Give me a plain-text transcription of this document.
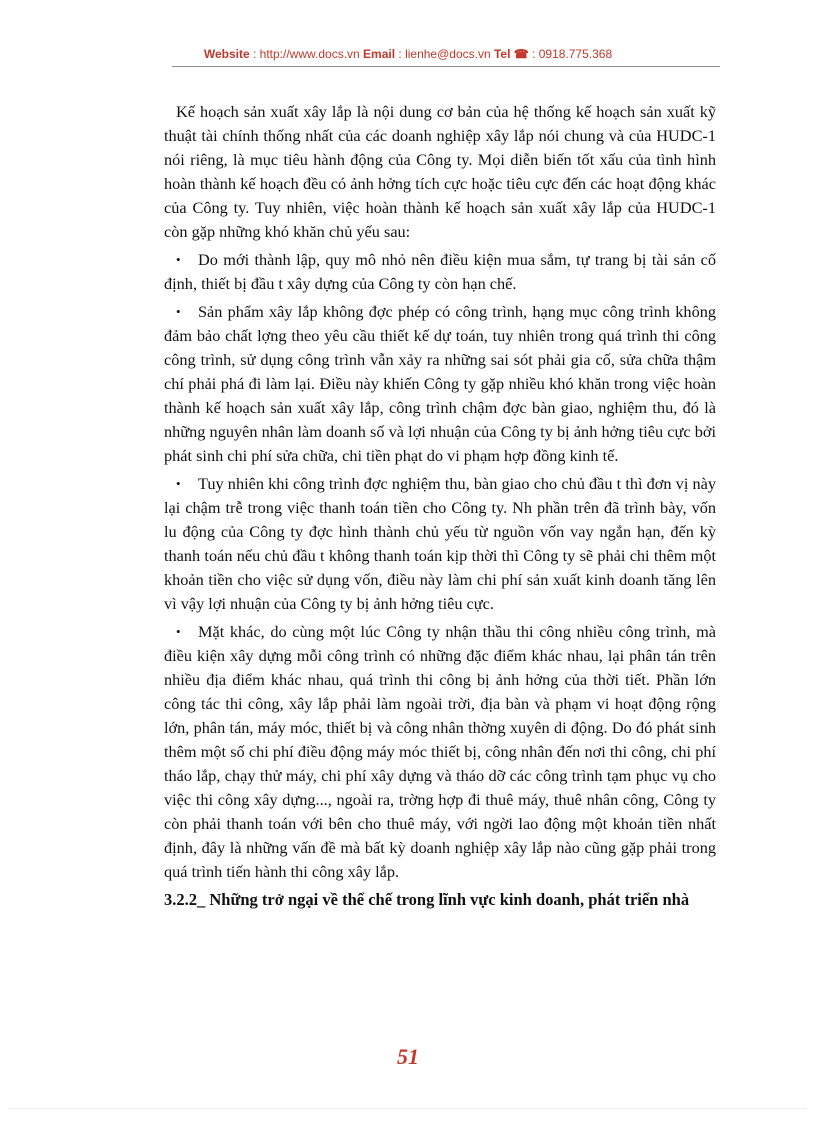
Website : http://www.docs.vn Email : lienhe@docs.vn Tel ☎ : 0918.775.368

Kế hoạch sản xuất xây lắp là nội dung cơ bản của hệ thống kế hoạch sản xuất kỹ thuật tài chính thống nhất của các doanh nghiệp xây lắp nói chung và của HUDC-1 nói riêng, là mục tiêu hành động của Công ty. Mọi diễn biến tốt xấu của tình hình hoàn thành kế hoạch đều có ảnh hởng tích cực hoặc tiêu cực đến các hoạt động khác của Công ty. Tuy nhiên, việc hoàn thành kế hoạch sản xuất xây lắp của HUDC-1 còn gặp những khó khăn chủ yếu sau:

• Do mới thành lập, quy mô nhỏ nên điều kiện mua sắm, tự trang bị tài sản cố định, thiết bị đầu t xây dựng của Công ty còn hạn chế.

• Sản phẩm xây lắp không đợc phép có công trình, hạng mục công trình không đảm bảo chất lợng theo yêu cầu thiết kế dự toán, tuy nhiên trong quá trình thi công công trình, sử dụng công trình vẫn xảy ra những sai sót phải gia cố, sửa chữa thậm chí phải phá đi làm lại. Điều này khiến Công ty gặp nhiều khó khăn trong việc hoàn thành kế hoạch sản xuất xây lắp, công trình chậm đợc bàn giao, nghiệm thu, đó là những nguyên nhân làm doanh số và lợi nhuận của Công ty bị ảnh hởng tiêu cực bởi phát sinh chi phí sửa chữa, chi tiền phạt do vi phạm hợp đồng kinh tế.

• Tuy nhiên khi công trình đợc nghiệm thu, bàn giao cho chủ đầu t thì đơn vị này lại chậm trễ trong việc thanh toán tiền cho Công ty. Nh phần trên đã trình bày, vốn lu động của Công ty đợc hình thành chủ yếu từ nguồn vốn vay ngắn hạn, đến kỳ thanh toán nếu chủ đầu t không thanh toán kịp thời thì Công ty sẽ phải chi thêm một khoản tiền cho việc sử dụng vốn, điều này làm chi phí sản xuất kinh doanh tăng lên vì vậy lợi nhuận của Công ty bị ảnh hởng tiêu cực.

• Mặt khác, do cùng một lúc Công ty nhận thầu thi công nhiều công trình, mà điều kiện xây dựng mỗi công trình có những đặc điểm khác nhau, lại phân tán trên nhiều địa điểm khác nhau, quá trình thi công bị ảnh hởng của thời tiết. Phần lớn công tác thi công, xây lắp phải làm ngoài trời, địa bàn và phạm vi hoạt động rộng lớn, phân tán, máy móc, thiết bị và công nhân thờng xuyên di động. Do đó phát sinh thêm một số chi phí điều động máy móc thiết bị, công nhân đến nơi thi công, chi phí tháo lắp, chạy thử máy, chi phí xây dựng và tháo dỡ các công trình tạm phục vụ cho việc thi công xây dựng..., ngoài ra, trờng hợp đi thuê máy, thuê nhân công, Công ty còn phải thanh toán với bên cho thuê máy, với ngời lao động một khoản tiền nhất định, đây là những vấn đề mà bất kỳ doanh nghiệp xây lắp nào cũng gặp phải trong quá trình tiến hành thi công xây lắp.

3.2.2_ Những trở ngại về thể chế trong lĩnh vực kinh doanh, phát triển nhà
51
